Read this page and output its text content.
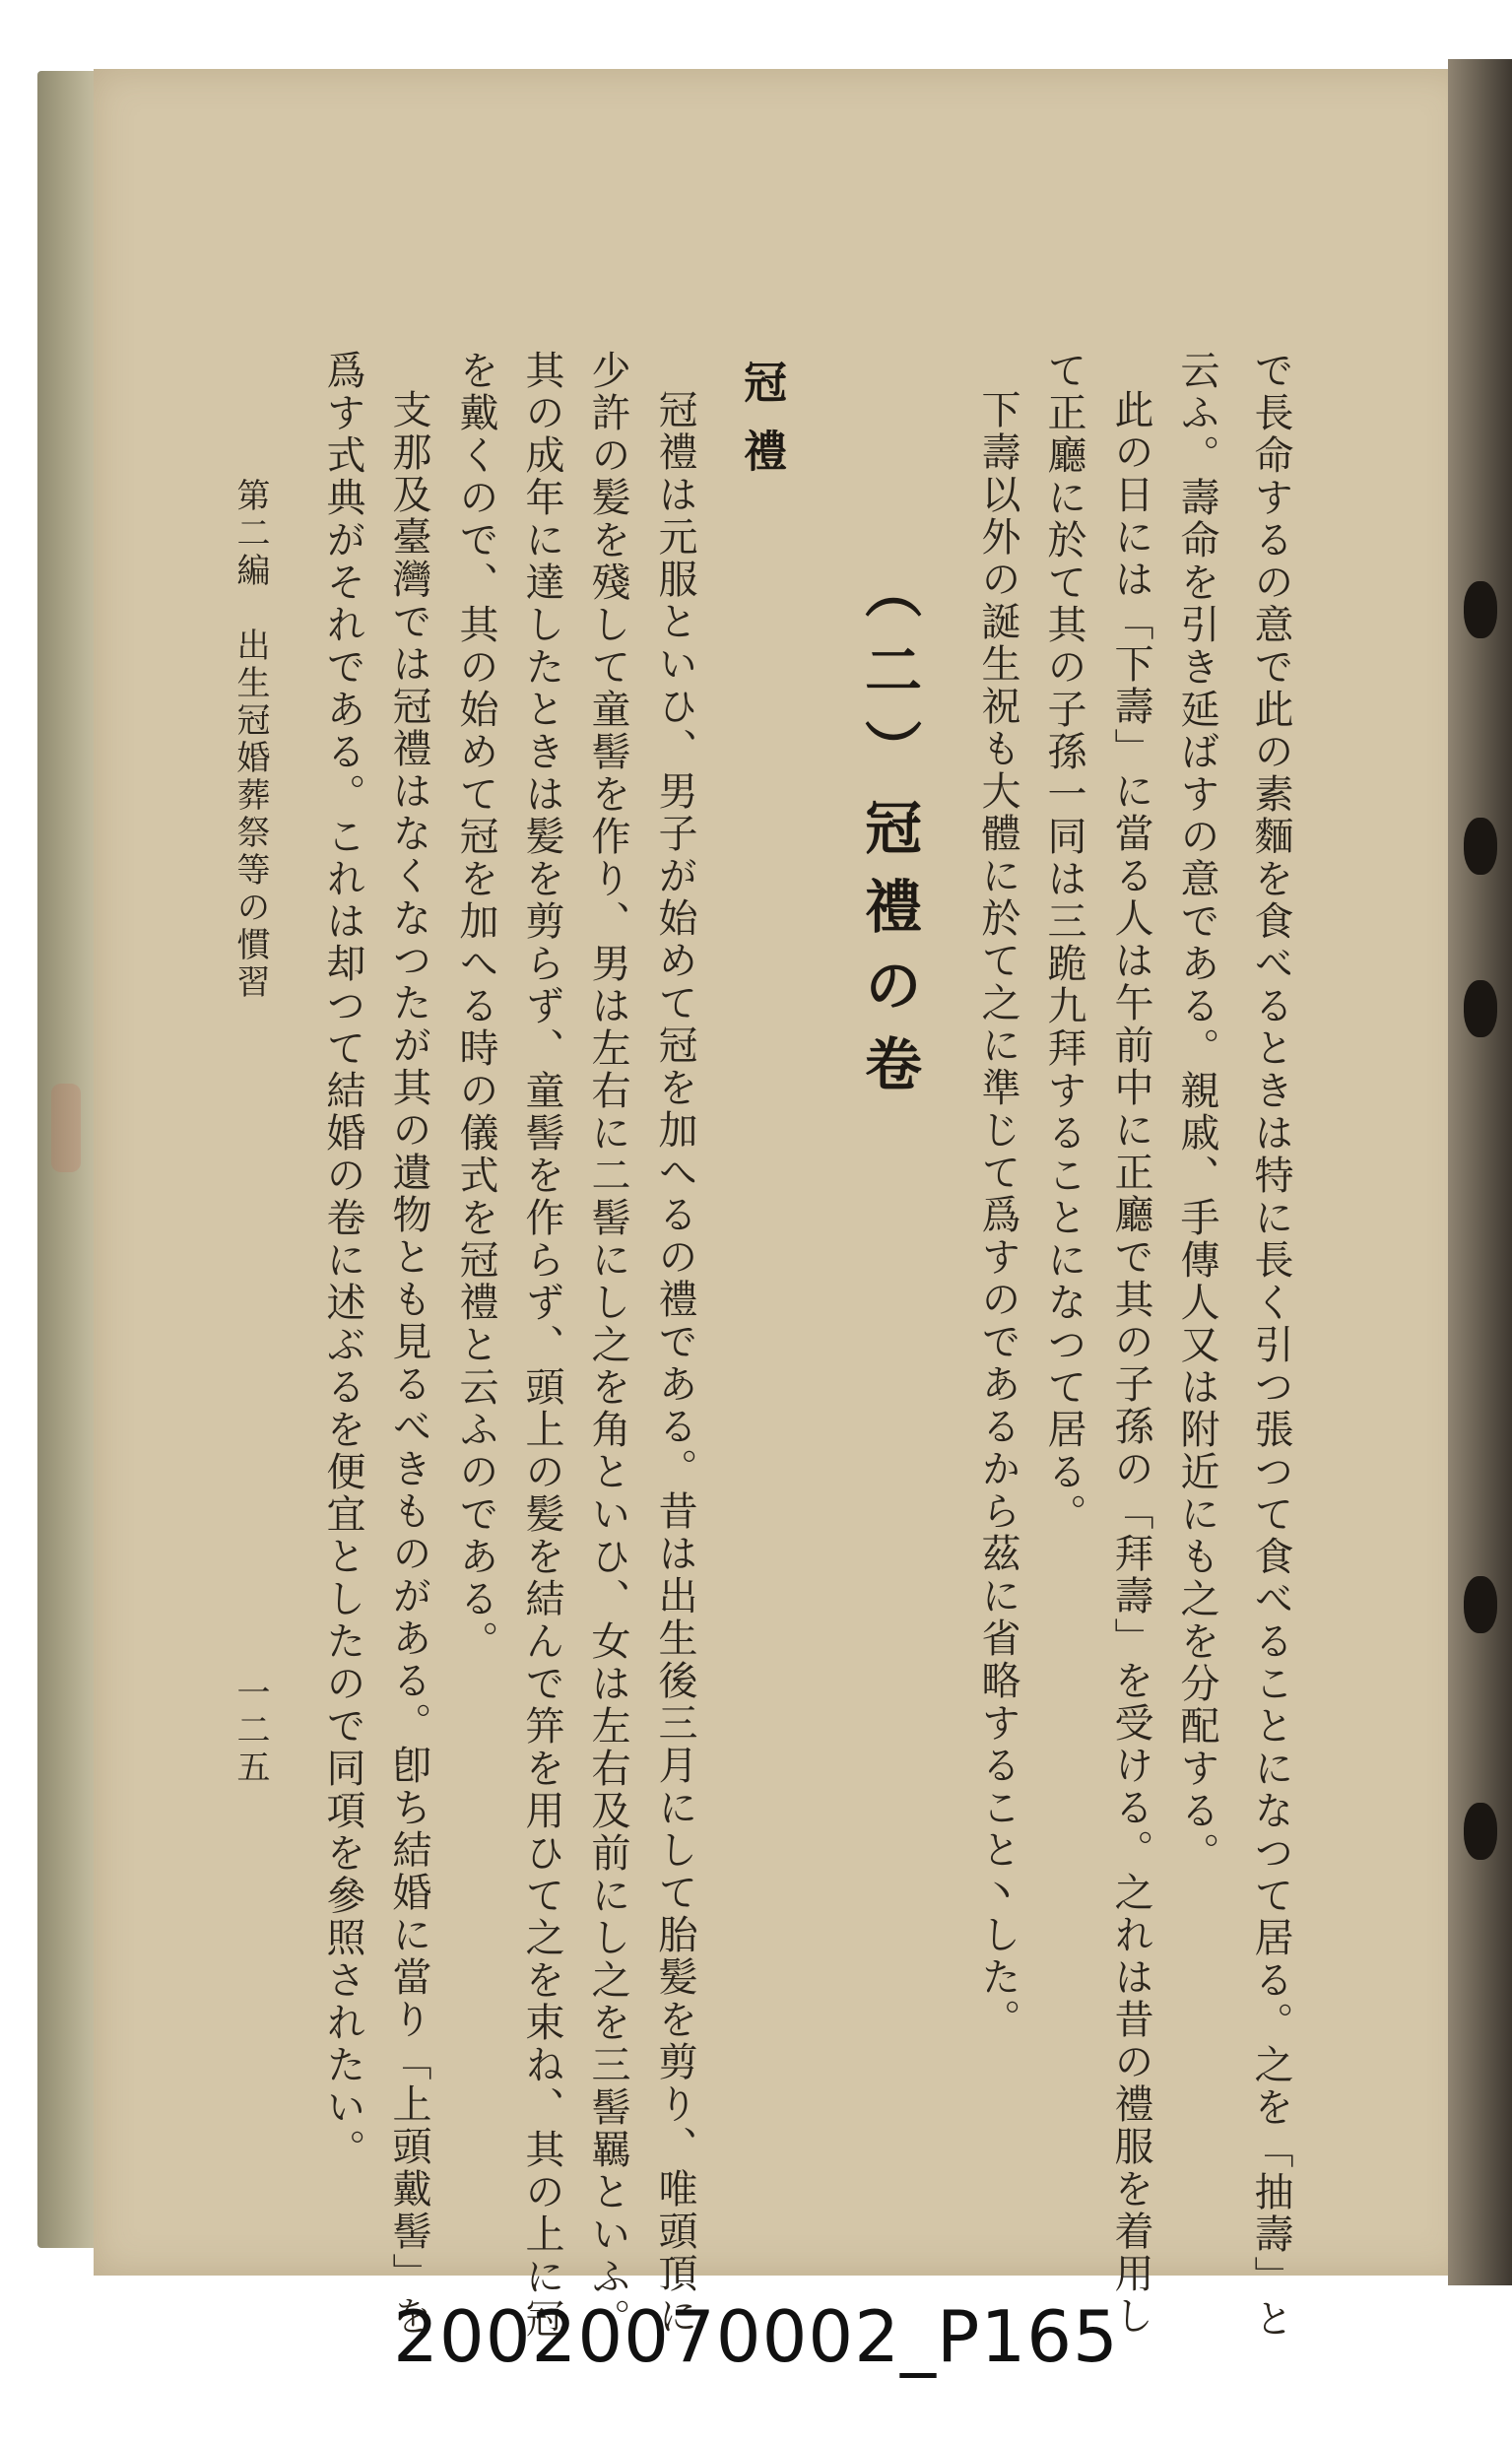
で長命するの意で此の素麵を食べるときは特に長く引つ張つて食べることになつて居る。之を「抽壽」と
云ふ。壽命を引き延ばすの意である。親戚、手傳人又は附近にも之を分配する。
此の日には「下壽」に當る人は午前中に正廳で其の子孫の「拜壽」を受ける。之れは昔の禮服を着用し
て正廳に於て其の子孫一同は三跪九拜することになつて居る。
下壽以外の誕生祝も大體に於て之に準じて爲すのであるから茲に省略すること丶した。
（二）冠禮の卷
冠禮
冠禮は元服といひ、男子が始めて冠を加へるの禮である。昔は出生後三月にして胎髪を剪り、唯頭頂に
少許の髪を殘して童髻を作り、男は左右に二髻にし之を角といひ、女は左右及前にし之を三髻羈といふ。
其の成年に達したときは髪を剪らず、童髻を作らず、頭上の髪を結んで笄を用ひて之を束ね、其の上に冠
を戴くので、其の始めて冠を加へる時の儀式を冠禮と云ふのである。
支那及臺灣では冠禮はなくなつたが其の遺物とも見るべきものがある。卽ち結婚に當り「上頭戴髻」を
爲す式典がそれである。これは却つて結婚の卷に述ぶるを便宜としたので同項を參照されたい。
第二編　出生冠婚葬祭等の慣習
一二五
20020070002_P165
